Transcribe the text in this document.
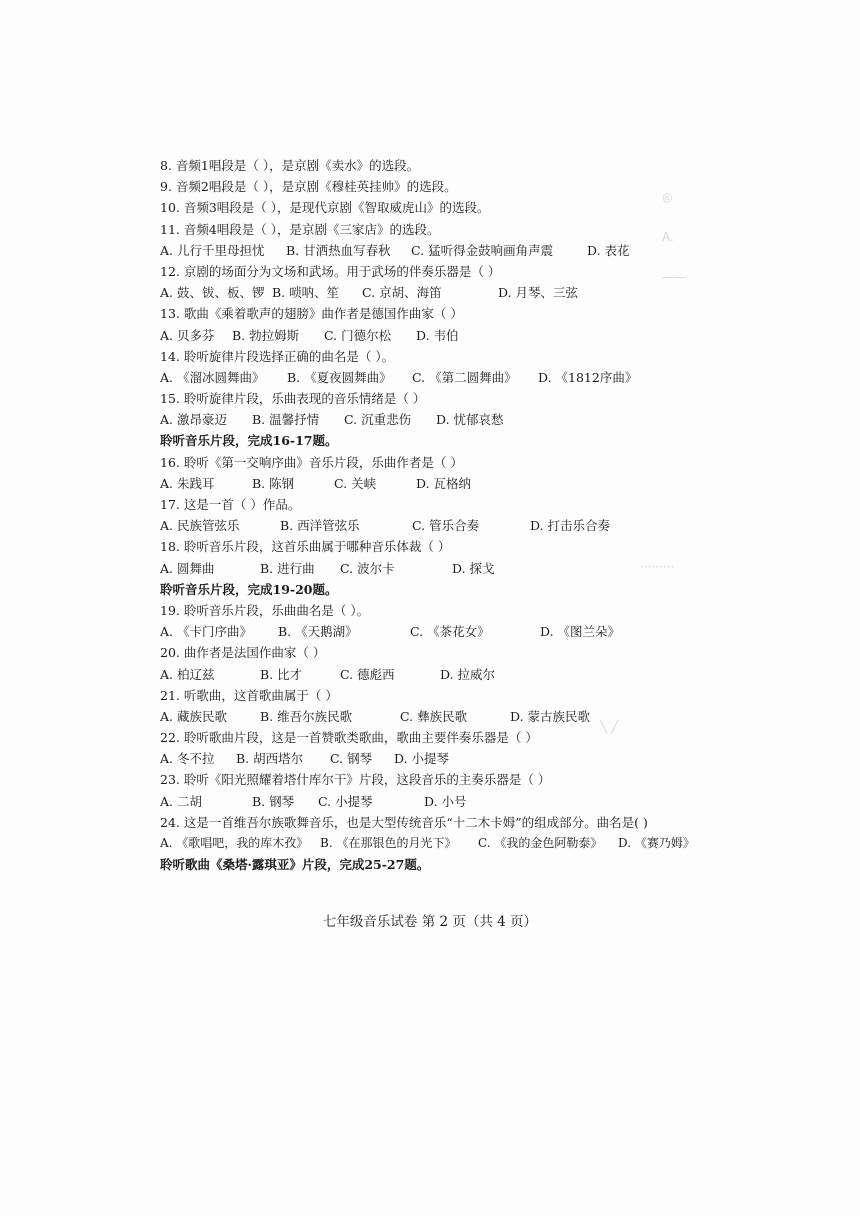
◎
A.
——
·········
╲ ╱
8. 音频1唱段是（ ），是京剧《卖水》的选段。
9. 音频2唱段是（ ），是京剧《穆桂英挂帅》的选段。
10. 音频3唱段是（ ），是现代京剧《智取威虎山》的选段。
11. 音频4唱段是（ ），是京剧《三家店》的选段。
A. 儿行千里母担忧	B. 甘洒热血写春秋	C. 猛听得金鼓响画角声震	D. 表花
12. 京剧的场面分为文场和武场。用于武场的伴奏乐器是（ ）
A. 鼓、钹、板、锣 B. 唢呐、笙	C. 京胡、海笛	D. 月琴、三弦
13. 歌曲《乘着歌声的翅膀》曲作者是德国作曲家（ ）
A. 贝多芬	B. 勃拉姆斯	C. 门德尔松	D. 韦伯
14. 聆听旋律片段选择正确的曲名是（ ）。
A. 《溜冰圆舞曲》	B. 《夏夜圆舞曲》	C. 《第二圆舞曲》	D. 《1812序曲》
15. 聆听旋律片段，乐曲表现的音乐情绪是（ ）
A. 激昂豪迈	B. 温馨抒情	C. 沉重悲伤	D. 忧郁哀愁
聆听音乐片段，完成16-17题。
16. 聆听《第一交响序曲》音乐片段，乐曲作者是（ ）
A. 朱践耳	B. 陈钢	C. 关峡	D. 瓦格纳
17. 这是一首（ ）作品。
A. 民族管弦乐	B. 西洋管弦乐	C. 管乐合奏	D. 打击乐合奏
18. 聆听音乐片段，这首乐曲属于哪种音乐体裁（ ）
A. 圆舞曲	B. 进行曲	C. 波尔卡	D. 探戈
聆听音乐片段，完成19-20题。
19. 聆听音乐片段，乐曲曲名是（ ）。
A. 《卡门序曲》	B. 《天鹅湖》	C. 《茶花女》	D. 《图兰朵》
20. 曲作者是法国作曲家（ ）
A. 柏辽兹	B. 比才	C. 德彪西	D. 拉威尔
21. 听歌曲，这首歌曲属于（ ）
A. 藏族民歌	B. 维吾尔族民歌	C. 彝族民歌	D. 蒙古族民歌
22. 聆听歌曲片段，这是一首赞歌类歌曲，歌曲主要伴奏乐器是（ ）
A. 冬不拉	B. 胡西塔尔	C. 钢琴	D. 小提琴
23. 聆听《阳光照耀着塔什库尔干》片段，这段音乐的主奏乐器是（ ）
A. 二胡	B. 钢琴	C. 小提琴	D. 小号
24. 这是一首维吾尔族歌舞音乐，也是大型传统音乐“十二木卡姆”的组成部分。曲名是( )
A. 《歌唱吧，我的库木孜》 B. 《在那银色的月光下》	C. 《我的金色阿勒泰》	D. 《赛乃姆》
聆听歌曲《桑塔·露琪亚》片段，完成25-27题。
七年级音乐试卷 第 2 页（共 4 页）
